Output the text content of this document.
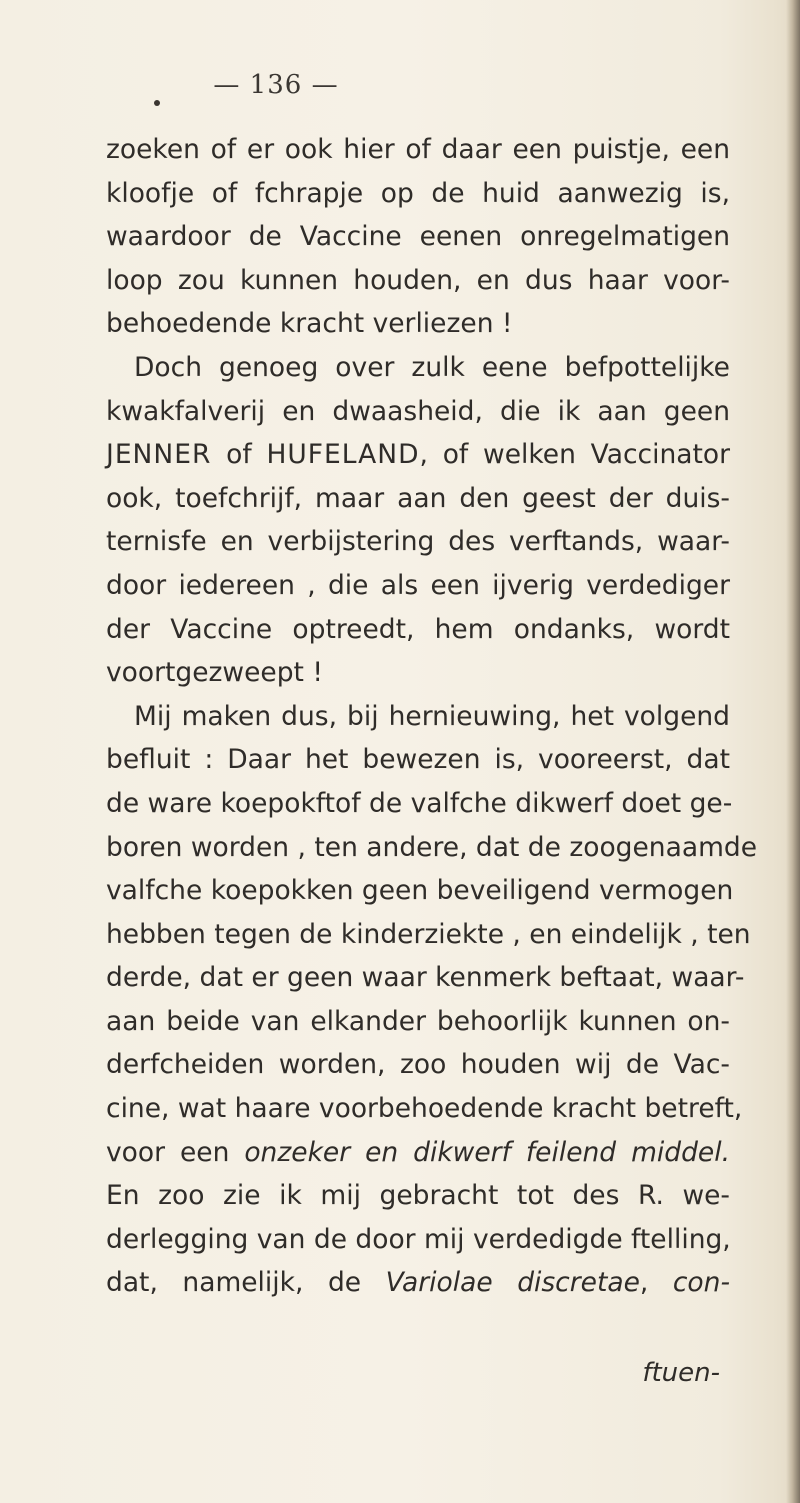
— 136 —
zoeken of er ook hier of daar een puistje, een
kloofje of fchrapje op de huid aanwezig is,
waardoor de Vaccine eenen onregelmatigen
loop zou kunnen houden, en dus haar voor-
behoedende kracht verliezen !
Doch genoeg over zulk eene befpottelijke
kwakfalverij en dwaasheid, die ik aan geen
JENNER of HUFELAND, of welken Vaccinator
ook, toefchrijf, maar aan den geest der duis-
ternisfe en verbijstering des verftands, waar-
door iedereen , die als een ijverig verdediger
der Vaccine optreedt, hem ondanks, wordt
voortgezweept !
Mij maken dus, bij hernieuwing, het volgend
befluit : Daar het bewezen is, vooreerst, dat
de ware koepokftof de valfche dikwerf doet ge-
boren worden , ten andere, dat de zoogenaamde
valfche koepokken geen beveiligend vermogen
hebben tegen de kinderziekte , en eindelijk , ten
derde, dat er geen waar kenmerk beftaat, waar-
aan beide van elkander behoorlijk kunnen on-
derfcheiden worden, zoo houden wij de Vac-
cine, wat haare voorbehoedende kracht betreft,
voor een onzeker en dikwerf feilend middel.
En zoo zie ik mij gebracht tot des R. we-
derlegging van de door mij verdedigde ftelling,
dat, namelijk, de Variolae discretae, con-
ftuen-
